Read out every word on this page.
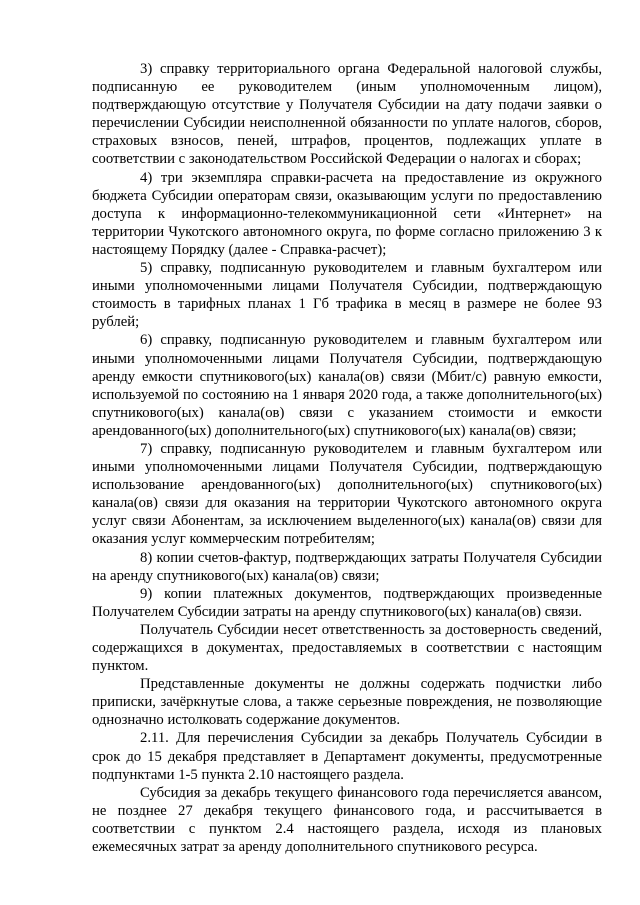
3) справку территориального органа Федеральной налоговой службы, подписанную ее руководителем (иным уполномоченным лицом), подтверждающую отсутствие у Получателя Субсидии на дату подачи заявки о перечислении Субсидии неисполненной обязанности по уплате налогов, сборов, страховых взносов, пеней, штрафов, процентов, подлежащих уплате в соответствии с законодательством Российской Федерации о налогах и сборах;

4) три экземпляра справки-расчета на предоставление из окружного бюджета Субсидии операторам связи, оказывающим услуги по предоставлению доступа к информационно-телекоммуникационной сети «Интернет» на территории Чукотского автономного округа, по форме согласно приложению 3 к настоящему Порядку (далее - Справка-расчет);

5) справку, подписанную руководителем и главным бухгалтером или иными уполномоченными лицами Получателя Субсидии, подтверждающую стоимость в тарифных планах 1 Гб трафика в месяц в размере не более 93 рублей;

6) справку, подписанную руководителем и главным бухгалтером или иными уполномоченными лицами Получателя Субсидии, подтверждающую аренду емкости спутникового(ых) канала(ов) связи (Мбит/с) равную емкости, используемой по состоянию на 1 января 2020 года, а также дополнительного(ых) спутникового(ых) канала(ов) связи с указанием стоимости и емкости арендованного(ых) дополнительного(ых) спутникового(ых) канала(ов) связи;

7) справку, подписанную руководителем и главным бухгалтером или иными уполномоченными лицами Получателя Субсидии, подтверждающую использование арендованного(ых) дополнительного(ых) спутникового(ых) канала(ов) связи для оказания на территории Чукотского автономного округа услуг связи Абонентам, за исключением выделенного(ых) канала(ов) связи для оказания услуг коммерческим потребителям;

8) копии счетов-фактур, подтверждающих затраты Получателя Субсидии на аренду спутникового(ых) канала(ов) связи;

9) копии платежных документов, подтверждающих произведенные Получателем Субсидии затраты на аренду спутникового(ых) канала(ов) связи.

Получатель Субсидии несет ответственность за достоверность сведений, содержащихся в документах, предоставляемых в соответствии с настоящим пунктом.

Представленные документы не должны содержать подчистки либо приписки, зачёркнутые слова, а также серьезные повреждения, не позволяющие однозначно истолковать содержание документов.

2.11. Для перечисления Субсидии за декабрь Получатель Субсидии в срок до 15 декабря представляет в Департамент документы, предусмотренные подпунктами 1-5 пункта 2.10 настоящего раздела.

Субсидия за декабрь текущего финансового года перечисляется авансом, не позднее 27 декабря текущего финансового года, и рассчитывается в соответствии с пунктом 2.4 настоящего раздела, исходя из плановых ежемесячных затрат за аренду дополнительного спутникового ресурса.
